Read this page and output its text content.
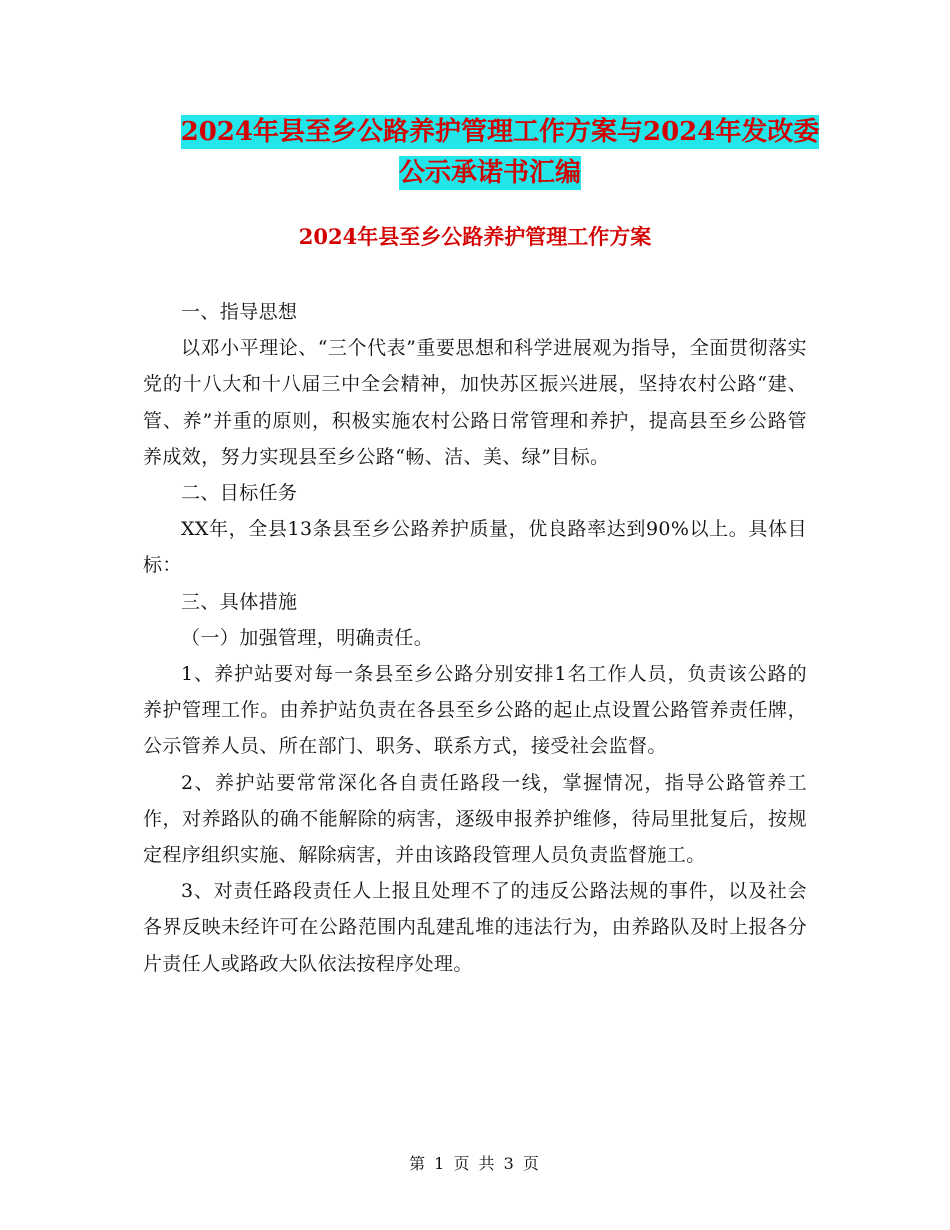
2024年县至乡公路养护管理工作方案与2024年发改委
公示承诺书汇编
2024年县至乡公路养护管理工作方案

一、指导思想

以邓小平理论、“三个代表”重要思想和科学进展观为指导，全面贯彻落实党的十八大和十八届三中全会精神，加快苏区振兴进展，坚持农村公路“建、管、养”并重的原则，积极实施农村公路日常管理和养护，提高县至乡公路管养成效，努力实现县至乡公路“畅、洁、美、绿”目标。

二、目标任务

XX年，全县13条县至乡公路养护质量，优良路率达到90%以上。具体目标：

三、具体措施

（一）加强管理，明确责任。

1、养护站要对每一条县至乡公路分别安排1名工作人员，负责该公路的养护管理工作。由养护站负责在各县至乡公路的起止点设置公路管养责任牌，公示管养人员、所在部门、职务、联系方式，接受社会监督。

2、养护站要常常深化各自责任路段一线，掌握情况，指导公路管养工作，对养路队的确不能解除的病害，逐级申报养护维修，待局里批复后，按规定程序组织实施、解除病害，并由该路段管理人员负责监督施工。

3、对责任路段责任人上报且处理不了的违反公路法规的事件，以及社会各界反映未经许可在公路范围内乱建乱堆的违法行为，由养路队及时上报各分片责任人或路政大队依法按程序处理。

第 1 页 共 3 页
